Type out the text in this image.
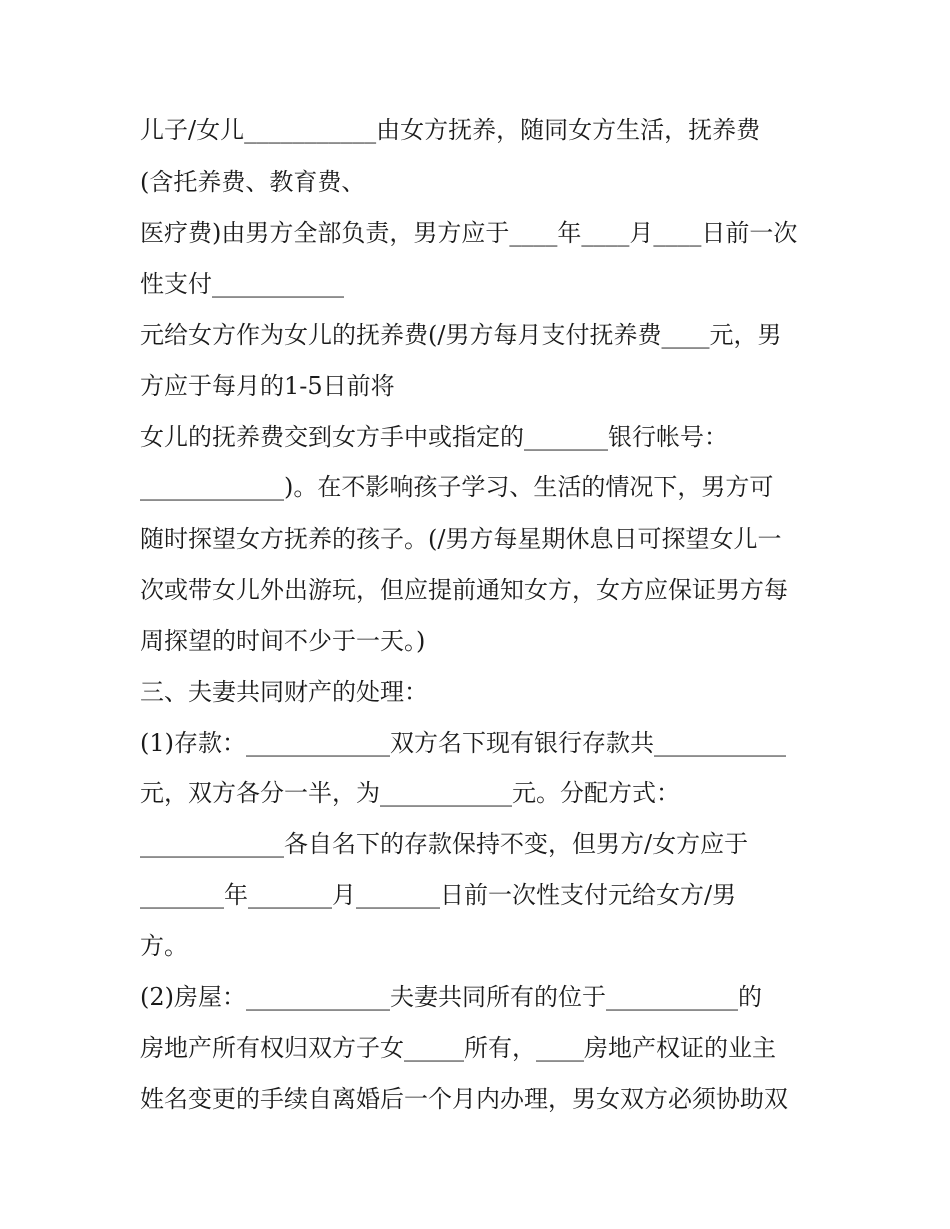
儿子/女儿___________由女方抚养，随同女方生活，抚养费
(含托养费、教育费、
医疗费)由男方全部负责，男方应于____年____月____日前一次
性支付___________
元给女方作为女儿的抚养费(/男方每月支付抚养费____元，男
方应于每月的1-5日前将
女儿的抚养费交到女方手中或指定的_______银行帐号：
____________)。在不影响孩子学习、生活的情况下，男方可
随时探望女方抚养的孩子。(/男方每星期休息日可探望女儿一
次或带女儿外出游玩，但应提前通知女方，女方应保证男方每
周探望的时间不少于一天。)
三、夫妻共同财产的处理：
(1)存款：____________双方名下现有银行存款共___________
元，双方各分一半，为___________元。分配方式：
____________各自名下的存款保持不变，但男方/女方应于
_______年_______月_______日前一次性支付元给女方/男
方。
(2)房屋：____________夫妻共同所有的位于___________的
房地产所有权归双方子女_____所有，____房地产权证的业主
姓名变更的手续自离婚后一个月内办理，男女双方必须协助双
